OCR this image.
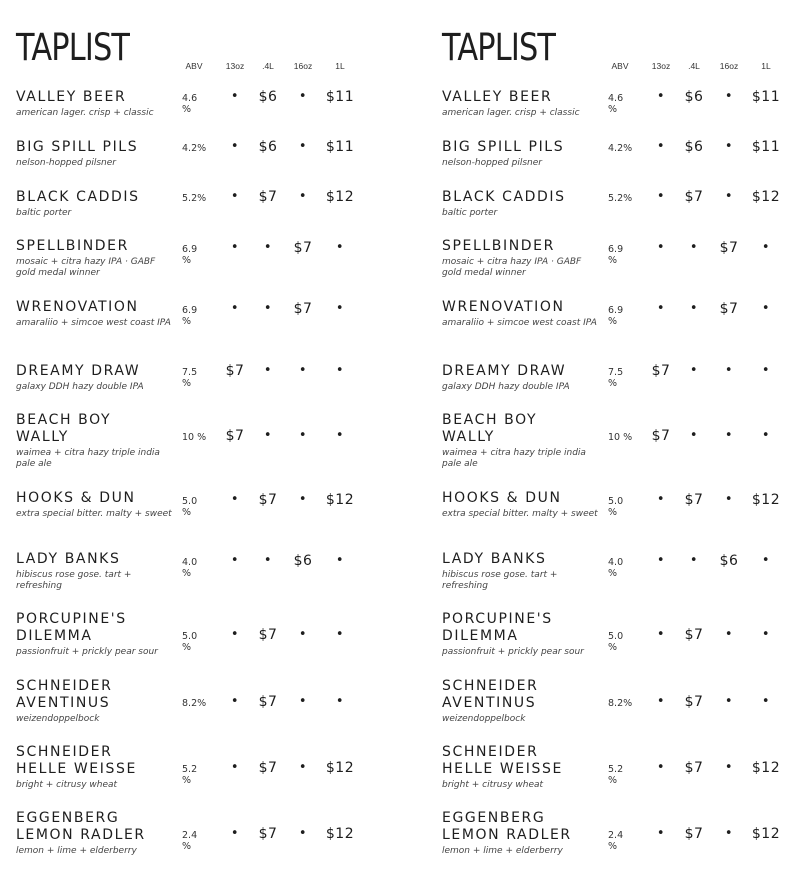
TAPLIST	ABV	13oz	.4L	16oz	1L
VALLEY BEER
american lager. crisp + classic
4.6 %
•	$6	•	$11
BIG SPILL PILS
nelson-hopped pilsner
4.2%	•	$6	•	$11
BLACK CADDIS
baltic porter
5.2%	•	$7	•	$12
SPELLBINDER
mosaic + citra hazy IPA · GABF gold medal winner
6.9 %
•	•	$7	•
WRENOVATION
amaraliio + simcoe west coast IPA
6.9 %
•	•	$7	•
DREAMY DRAW
galaxy DDH hazy double IPA
7.5 %
$7	•	•	•
BEACH BOY WALLY
waimea + citra hazy triple india pale ale
10 %	$7	•	•	•
HOOKS & DUN
extra special bitter. malty + sweet
5.0 %
•	$7	•	$12
LADY BANKS
hibiscus rose gose. tart + refreshing
4.0 %
•	•	$6	•
PORCUPINE'S DILEMMA
passionfruit + prickly pear sour
5.0 %
•	$7	•	•
SCHNEIDER AVENTINUS
weizendoppelbock
8.2%	•	$7	•	•
SCHNEIDER HELLE WEISSE
bright + citrusy wheat
5.2 %
•	$7	•	$12
EGGENBERG LEMON RADLER
lemon + lime + elderberry
2.4 %
•	$7	•	$12
TAPLIST	ABV	13oz	.4L	16oz	1L
VALLEY BEER
american lager. crisp + classic
4.6 %
•	$6	•	$11
BIG SPILL PILS
nelson-hopped pilsner
4.2%	•	$6	•	$11
BLACK CADDIS
baltic porter
5.2%	•	$7	•	$12
SPELLBINDER
mosaic + citra hazy IPA · GABF gold medal winner
6.9 %
•	•	$7	•
WRENOVATION
amaraliio + simcoe west coast IPA
6.9 %
•	•	$7	•
DREAMY DRAW
galaxy DDH hazy double IPA
7.5 %
$7	•	•	•
BEACH BOY WALLY
waimea + citra hazy triple india pale ale
10 %	$7	•	•	•
HOOKS & DUN
extra special bitter. malty + sweet
5.0 %
•	$7	•	$12
LADY BANKS
hibiscus rose gose. tart + refreshing
4.0 %
•	•	$6	•
PORCUPINE'S DILEMMA
passionfruit + prickly pear sour
5.0 %
•	$7	•	•
SCHNEIDER AVENTINUS
weizendoppelbock
8.2%	•	$7	•	•
SCHNEIDER HELLE WEISSE
bright + citrusy wheat
5.2 %
•	$7	•	$12
EGGENBERG LEMON RADLER
lemon + lime + elderberry
2.4 %
•	$7	•	$12
